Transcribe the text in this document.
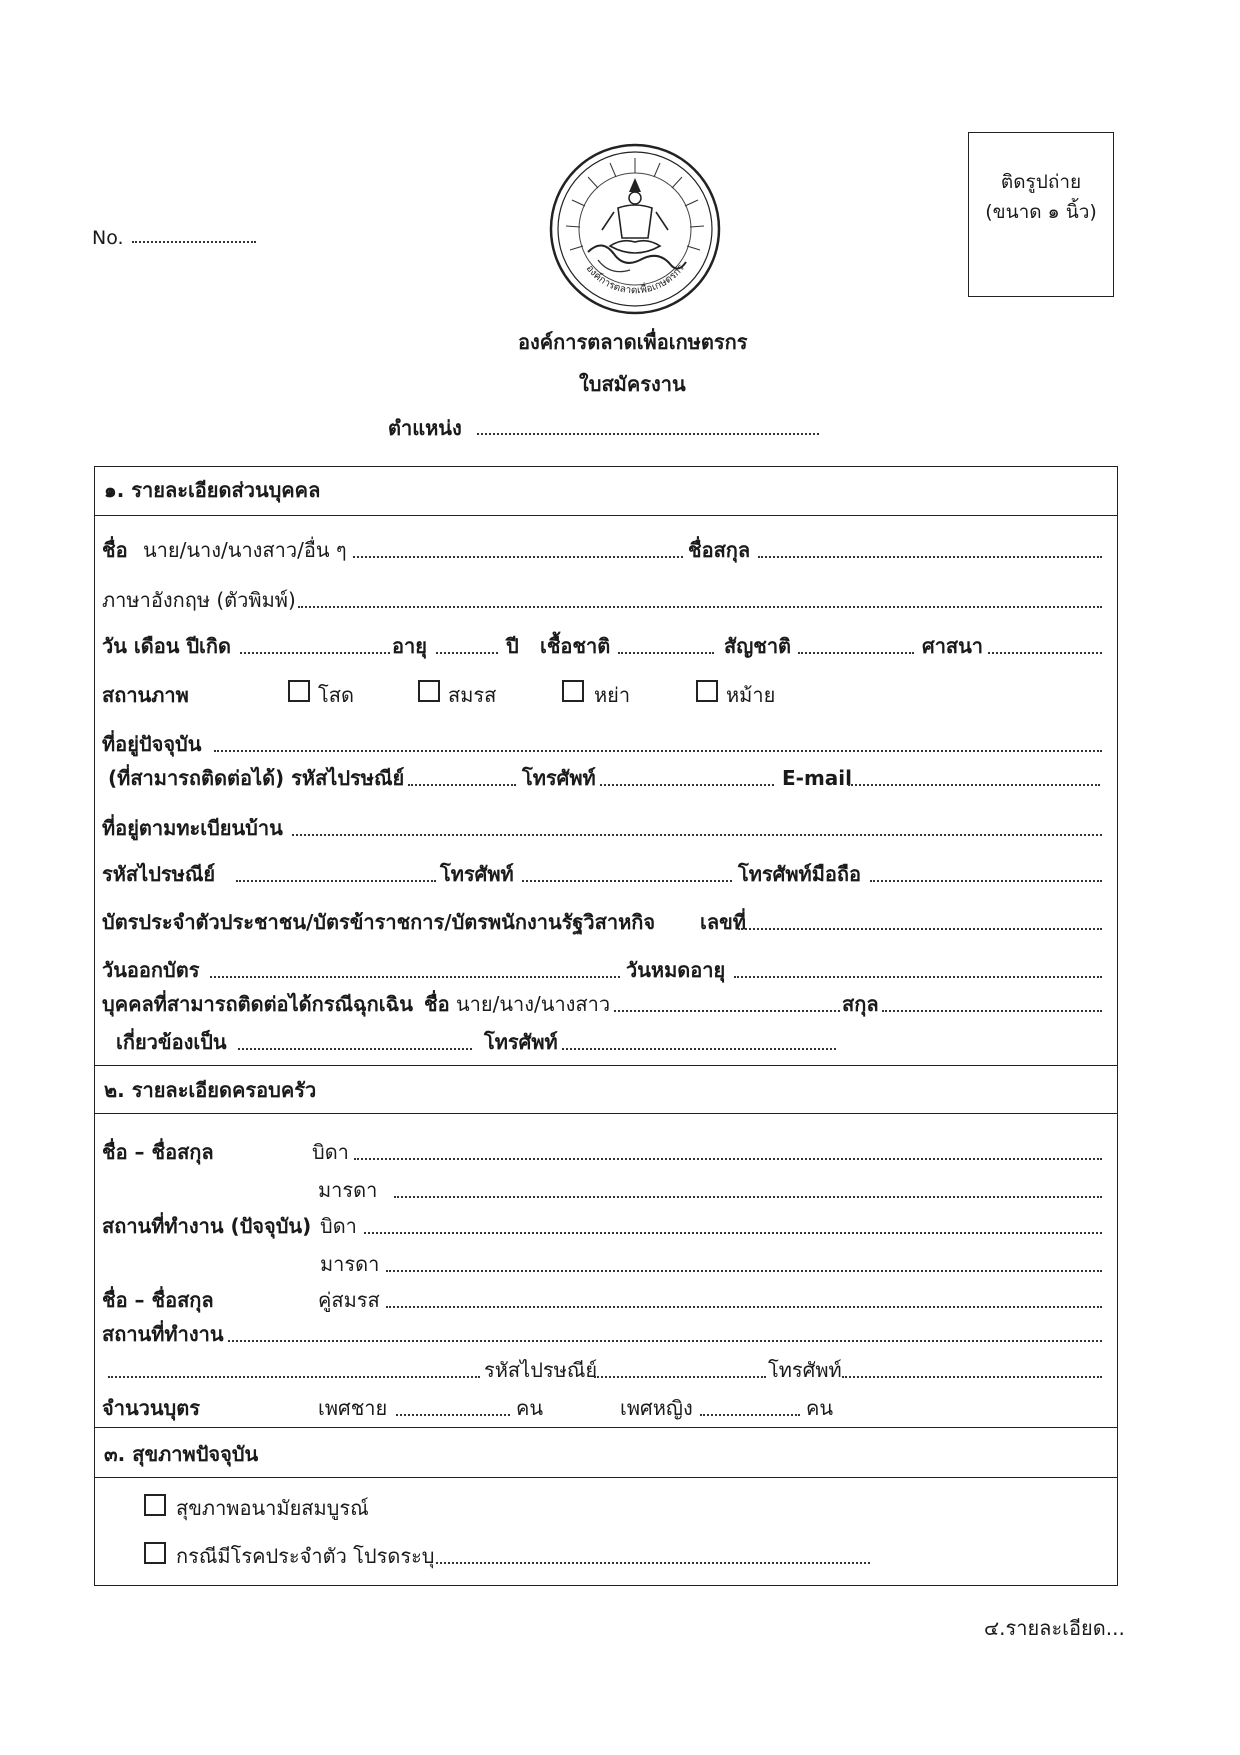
No.
องค์การตลาดเพื่อเกษตรกร
ติดรูปถ่าย
(ขนาด ๑ นิ้ว)
องค์การตลาดเพื่อเกษตรกร
ใบสมัครงาน
ตำแหน่ง
๑. รายละเอียดส่วนบุคคล
ชื่อ นาย/นาง/นางสาว/อื่น ๆ	ชื่อสกุล
ภาษาอังกฤษ (ตัวพิมพ์)
วัน เดือน ปีเกิด	อายุ	ปี เชื้อชาติ	สัญชาติ	ศาสนา
สถานภาพ	โสด	สมรส	หย่า	หม้าย
ที่อยู่ปัจจุบัน
(ที่สามารถติดต่อได้) รหัสไปรษณีย์	โทรศัพท์	E-mail
ที่อยู่ตามทะเบียนบ้าน
รหัสไปรษณีย์	โทรศัพท์	โทรศัพท์มือถือ
บัตรประจำตัวประชาชน/บัตรข้าราชการ/บัตรพนักงานรัฐวิสาหกิจ เลขที่
วันออกบัตร	วันหมดอายุ
บุคคลที่สามารถติดต่อได้กรณีฉุกเฉิน ชื่อ นาย/นาง/นางสาว	สกุล
เกี่ยวข้องเป็น	โทรศัพท์
๒. รายละเอียดครอบครัว
ชื่อ – ชื่อสกุล	บิดา
มารดา
สถานที่ทำงาน (ปัจจุบัน) บิดา
มารดา
ชื่อ – ชื่อสกุล	คู่สมรส
สถานที่ทำงาน
รหัสไปรษณีย์	โทรศัพท์
จำนวนบุตร	เพศชาย	คน	เพศหญิง	คน
๓. สุขภาพปัจจุบัน
สุขภาพอนามัยสมบูรณ์
กรณีมีโรคประจำตัว โปรดระบุ
๔.รายละเอียด...
